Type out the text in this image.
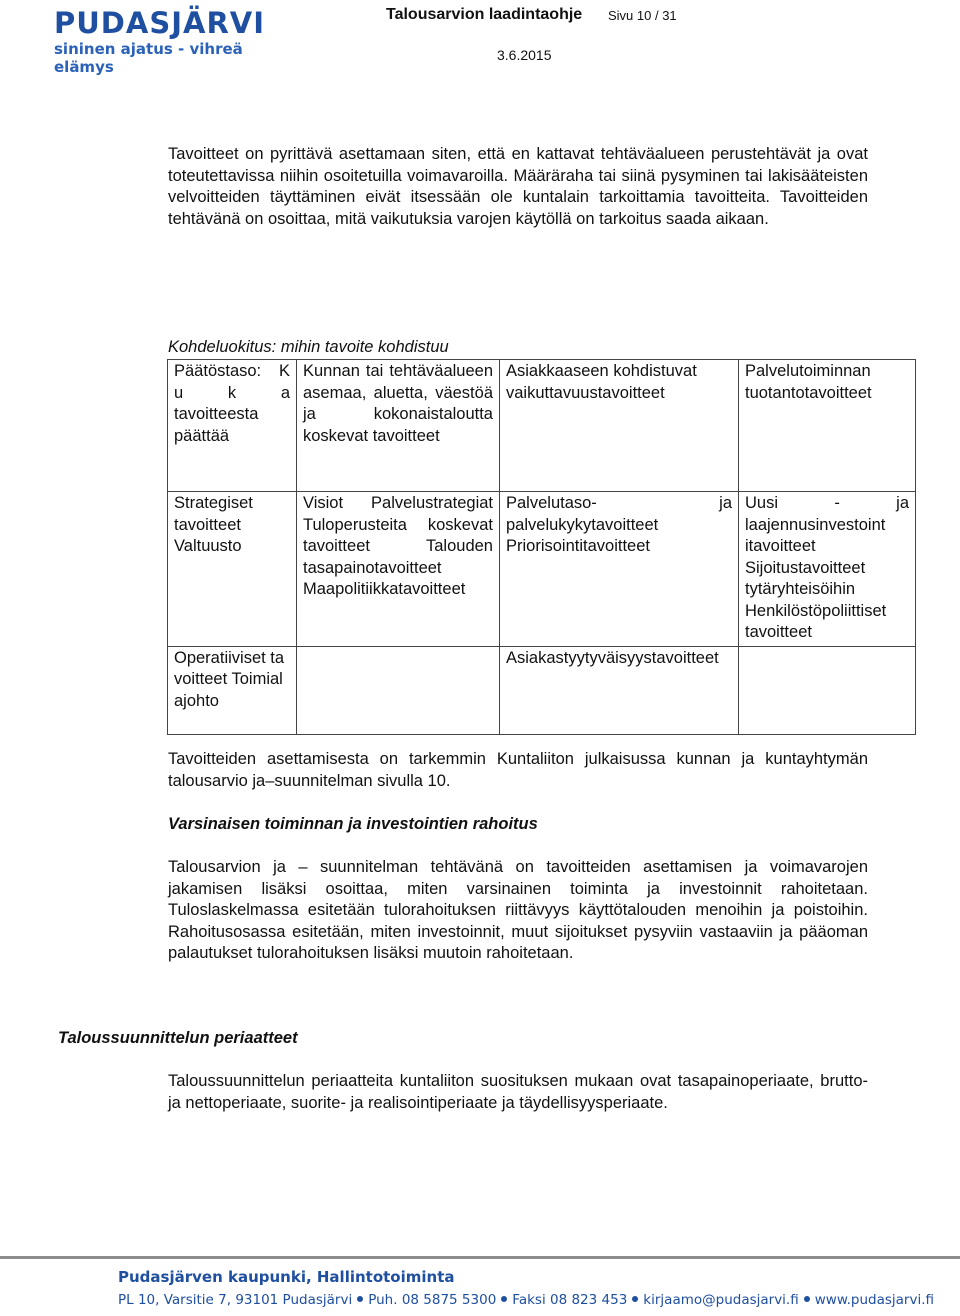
PUDASJÄRVI
sininen ajatus - vihreä elämys
Talousarvion laadintaohje Sivu 10 / 31
3.6.2015

Tavoitteet on pyrittävä asettamaan siten, että en kattavat tehtäväalueen perustehtävät ja ovat toteutettavissa niihin osoitetuilla voimavaroilla. Määräraha tai siinä pysyminen tai lakisääteisten velvoitteiden täyttäminen eivät itsessään ole kuntalain tarkoittamia tavoitteita. Tavoitteiden tehtävänä on osoittaa, mitä vaikutuksia varojen käytöllä on tarkoitus saada aikaan.

Kohdeluokitus: mihin tavoite kohdistuu
Päätöstaso: K u k a tavoitteesta päättää	Kunnan tai tehtäväalueen asemaa, aluetta, väestöä ja kokonaistaloutta koskevat tavoitteet	Asiakkaaseen kohdistuvat vaikuttavuustavoitteet	Palvelutoiminnan tuotantotavoitteet
Strategiset tavoitteet Valtuusto	Visiot Palvelustrategiat Tuloperusteita koskevat tavoitteet Talouden tasapainotavoitteet Maapolitiikkatavoitteet	Palvelutaso- ja palvelukykytavoitteet Priorisointitavoitteet	Uusi - ja laajennusinvestoint itavoitteet Sijoitustavoitteet tytäryhteisöihin Henkilöstöpoliittiset tavoitteet
Operatiiviset tavoitteet Toimialajohto		Asiakastyytyväisyystavoitteet	

Tavoitteiden asettamisesta on tarkemmin Kuntaliiton julkaisussa kunnan ja kuntayhtymän talousarvio ja–suunnitelman sivulla 10.

Varsinaisen toiminnan ja investointien rahoitus

Talousarvion ja – suunnitelman tehtävänä on tavoitteiden asettamisen ja voimavarojen jakamisen lisäksi osoittaa, miten varsinainen toiminta ja investoinnit rahoitetaan. Tuloslaskelmassa esitetään tulorahoituksen riittävyys käyttötalouden menoihin ja poistoihin. Rahoitusosassa esitetään, miten investoinnit, muut sijoitukset pysyviin vastaaviin ja pääoman palautukset tulorahoituksen lisäksi muutoin rahoitetaan.

Taloussuunnittelun periaatteet

Taloussuunnittelun periaatteita kuntaliiton suosituksen mukaan ovat tasapainoperiaate, brutto- ja nettoperiaate, suorite- ja realisointiperiaate ja täydellisyysperiaate.

Pudasjärven kaupunki, Hallintotoiminta
PL 10, Varsitie 7, 93101 Pudasjärvi Puh. 08 5875 5300 Faksi 08 823 453 kirjaamo@pudasjarvi.fi www.pudasjarvi.fi
